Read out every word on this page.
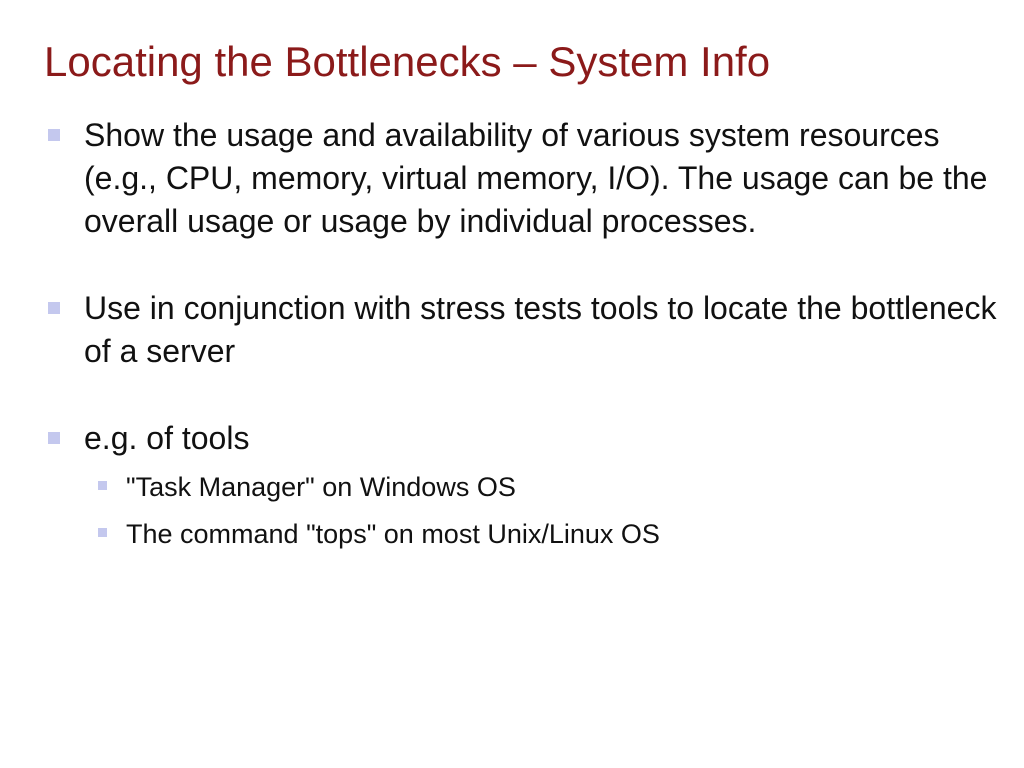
Locating the Bottlenecks – System Info
Show the usage and availability of various system resources (e.g., CPU, memory, virtual memory, I/O). The usage can be the overall usage or usage by individual processes.
Use in conjunction with stress tests tools to locate the bottleneck of a server
e.g. of tools
"Task Manager" on Windows OS
The command "tops" on most Unix/Linux OS
